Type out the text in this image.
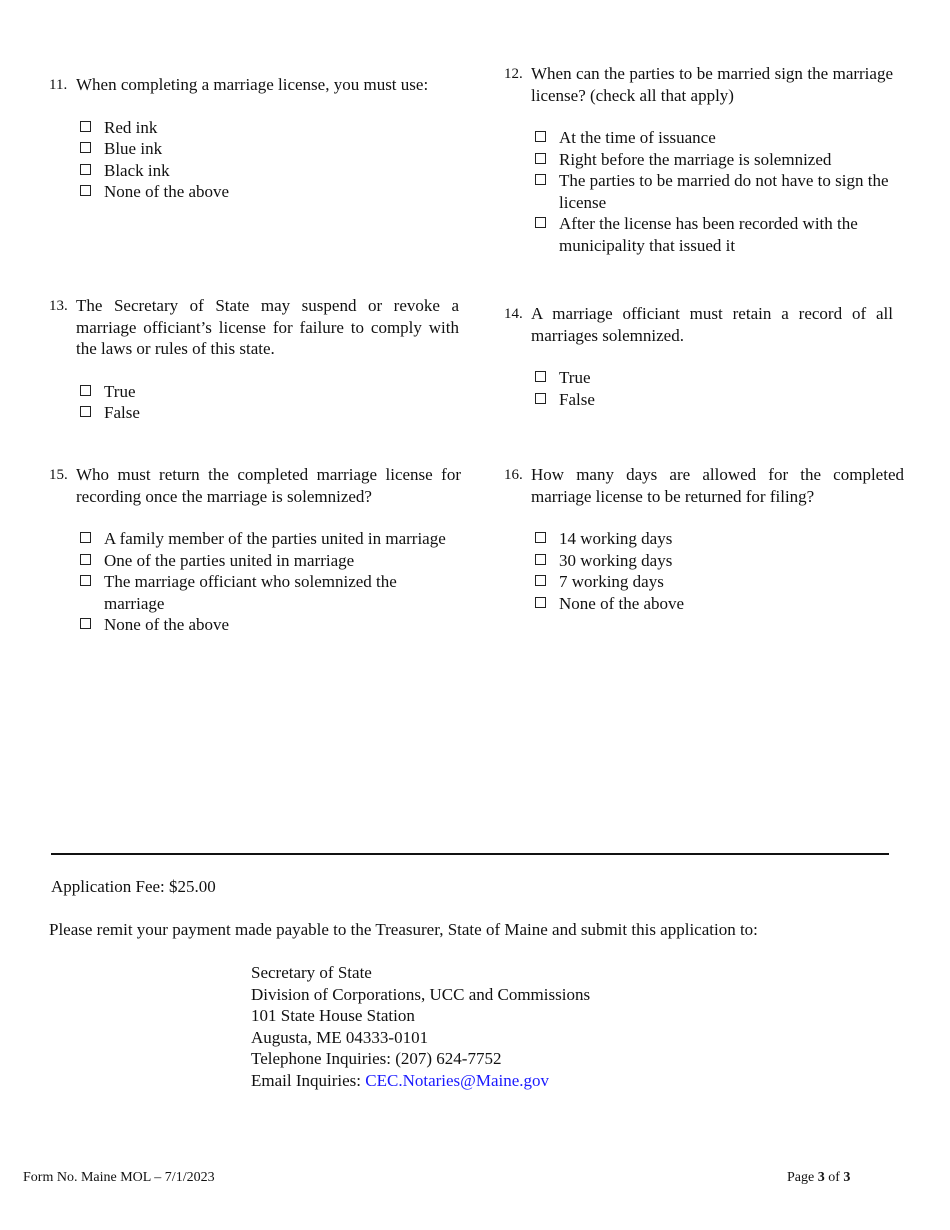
11. When completing a marriage license, you must use:
Red ink
Blue ink
Black ink
None of the above
12. When can the parties to be married sign the marriage license? (check all that apply)
At the time of issuance
Right before the marriage is solemnized
The parties to be married do not have to sign the license
After the license has been recorded with the municipality that issued it
13. The Secretary of State may suspend or revoke a marriage officiant’s license for failure to comply with the laws or rules of this state.
True
False
14. A marriage officiant must retain a record of all marriages solemnized.
True
False
15. Who must return the completed marriage license for recording once the marriage is solemnized?
A family member of the parties united in marriage
One of the parties united in marriage
The marriage officiant who solemnized the marriage
None of the above
16. How many days are allowed for the completed marriage license to be returned for filing?
14 working days
30 working days
7 working days
None of the above
Application Fee: $25.00
Please remit your payment made payable to the Treasurer, State of Maine and submit this application to:
Secretary of State
Division of Corporations, UCC and Commissions
101 State House Station
Augusta, ME 04333-0101
Telephone Inquiries: (207) 624-7752
Email Inquiries: CEC.Notaries@Maine.gov
Form No. Maine MOL – 7/1/2023	Page 3 of 3
